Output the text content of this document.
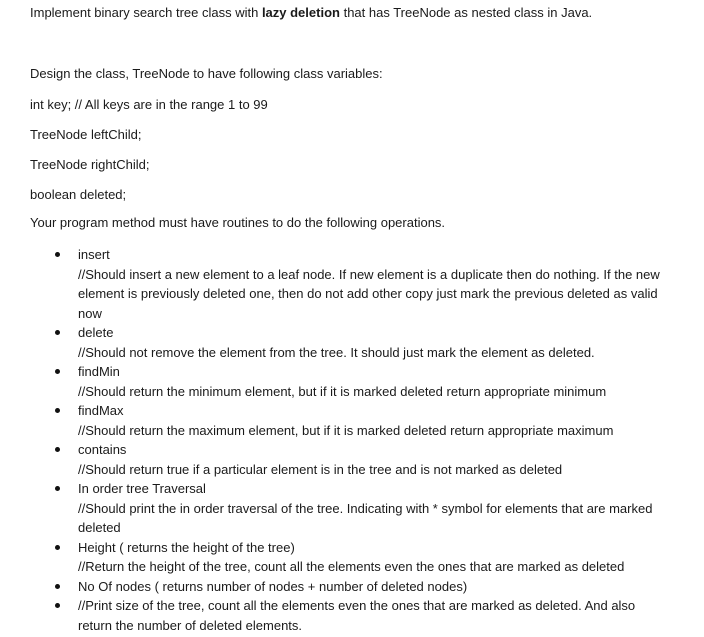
Implement binary search tree class with lazy deletion that has TreeNode as nested class in Java.
Design the class, TreeNode to have following class variables:
int key; // All keys are in the range 1 to 99
TreeNode leftChild;
TreeNode rightChild;
boolean deleted;
Your program method must have routines to do the following operations.
insert
//Should insert a new element to a leaf node. If new element is a duplicate then do nothing. If the new element is previously deleted one, then do not add other copy just mark the previous deleted as valid now
delete
//Should not remove the element from the tree. It should just mark the element as deleted.
findMin
//Should return the minimum element, but if it is marked deleted return appropriate minimum
findMax
//Should return the maximum element, but if it is marked deleted return appropriate maximum
contains
//Should return true if a particular element is in the tree and is not marked as deleted
In order tree Traversal
//Should print the in order traversal of the tree. Indicating with * symbol for elements that are marked deleted
Height ( returns the height of the tree)
//Return the height of the tree, count all the elements even the ones that are marked as deleted
No Of nodes ( returns number of nodes + number of deleted nodes)
//Print size of the tree, count all the elements even the ones that are marked as deleted. And also return the number of deleted elements.
